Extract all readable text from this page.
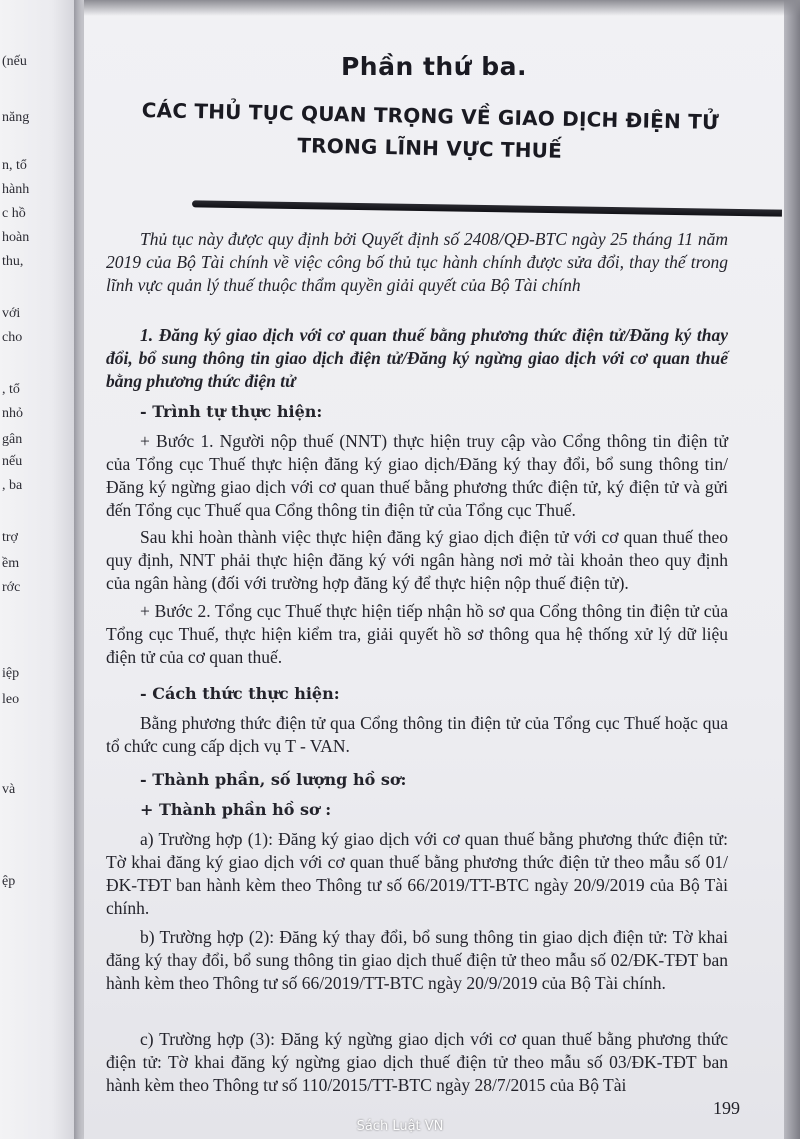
(nếu
năng
n, tổ
hành
c hồ
hoàn
thu,
với
cho
, tổ
nhỏ
gân
nếu
, ba
trợ
ềm
rớc
iệp
leo
và
ệp
Phần thứ ba.
CÁC THỦ TỤC QUAN TRỌNG VỀ GIAO DỊCH ĐIỆN TỬ TRONG LĨNH VỰC THUẾ

Thủ tục này được quy định bởi Quyết định số 2408/QĐ-BTC ngày 25 tháng 11 năm 2019 của Bộ Tài chính về việc công bố thủ tục hành chính được sửa đổi, thay thế trong lĩnh vực quản lý thuế thuộc thẩm quyền giải quyết của Bộ Tài chính

1. Đăng ký giao dịch với cơ quan thuế bằng phương thức điện tử/Đăng ký thay đổi, bổ sung thông tin giao dịch điện tử/Đăng ký ngừng giao dịch với cơ quan thuế bằng phương thức điện tử

- Trình tự thực hiện:

+ Bước 1. Người nộp thuế (NNT) thực hiện truy cập vào Cổng thông tin điện tử của Tổng cục Thuế thực hiện đăng ký giao dịch/Đăng ký thay đổi, bổ sung thông tin/Đăng ký ngừng giao dịch với cơ quan thuế bằng phương thức điện tử, ký điện tử và gửi đến Tổng cục Thuế qua Cổng thông tin điện tử của Tổng cục Thuế.

Sau khi hoàn thành việc thực hiện đăng ký giao dịch điện tử với cơ quan thuế theo quy định, NNT phải thực hiện đăng ký với ngân hàng nơi mở tài khoản theo quy định của ngân hàng (đối với trường hợp đăng ký để thực hiện nộp thuế điện tử).

+ Bước 2. Tổng cục Thuế thực hiện tiếp nhận hồ sơ qua Cổng thông tin điện tử của Tổng cục Thuế, thực hiện kiểm tra, giải quyết hồ sơ thông qua hệ thống xử lý dữ liệu điện tử của cơ quan thuế.

- Cách thức thực hiện:

Bằng phương thức điện tử qua Cổng thông tin điện tử của Tổng cục Thuế hoặc qua tổ chức cung cấp dịch vụ T - VAN.

- Thành phần, số lượng hồ sơ:

+ Thành phần hồ sơ :

a) Trường hợp (1): Đăng ký giao dịch với cơ quan thuế bằng phương thức điện tử: Tờ khai đăng ký giao dịch với cơ quan thuế bằng phương thức điện tử theo mẫu số 01/ĐK-TĐT ban hành kèm theo Thông tư số 66/2019/TT-BTC ngày 20/9/2019 của Bộ Tài chính.

b) Trường hợp (2): Đăng ký thay đổi, bổ sung thông tin giao dịch điện tử: Tờ khai đăng ký thay đổi, bổ sung thông tin giao dịch thuế điện tử theo mẫu số 02/ĐK-TĐT ban hành kèm theo Thông tư số 66/2019/TT-BTC ngày 20/9/2019 của Bộ Tài chính.

c) Trường hợp (3): Đăng ký ngừng giao dịch với cơ quan thuế bằng phương thức điện tử: Tờ khai đăng ký ngừng giao dịch thuế điện tử theo mẫu số 03/ĐK-TĐT ban hành kèm theo Thông tư số 110/2015/TT-BTC ngày 28/7/2015 của Bộ Tài

199
Sách Luật VN
